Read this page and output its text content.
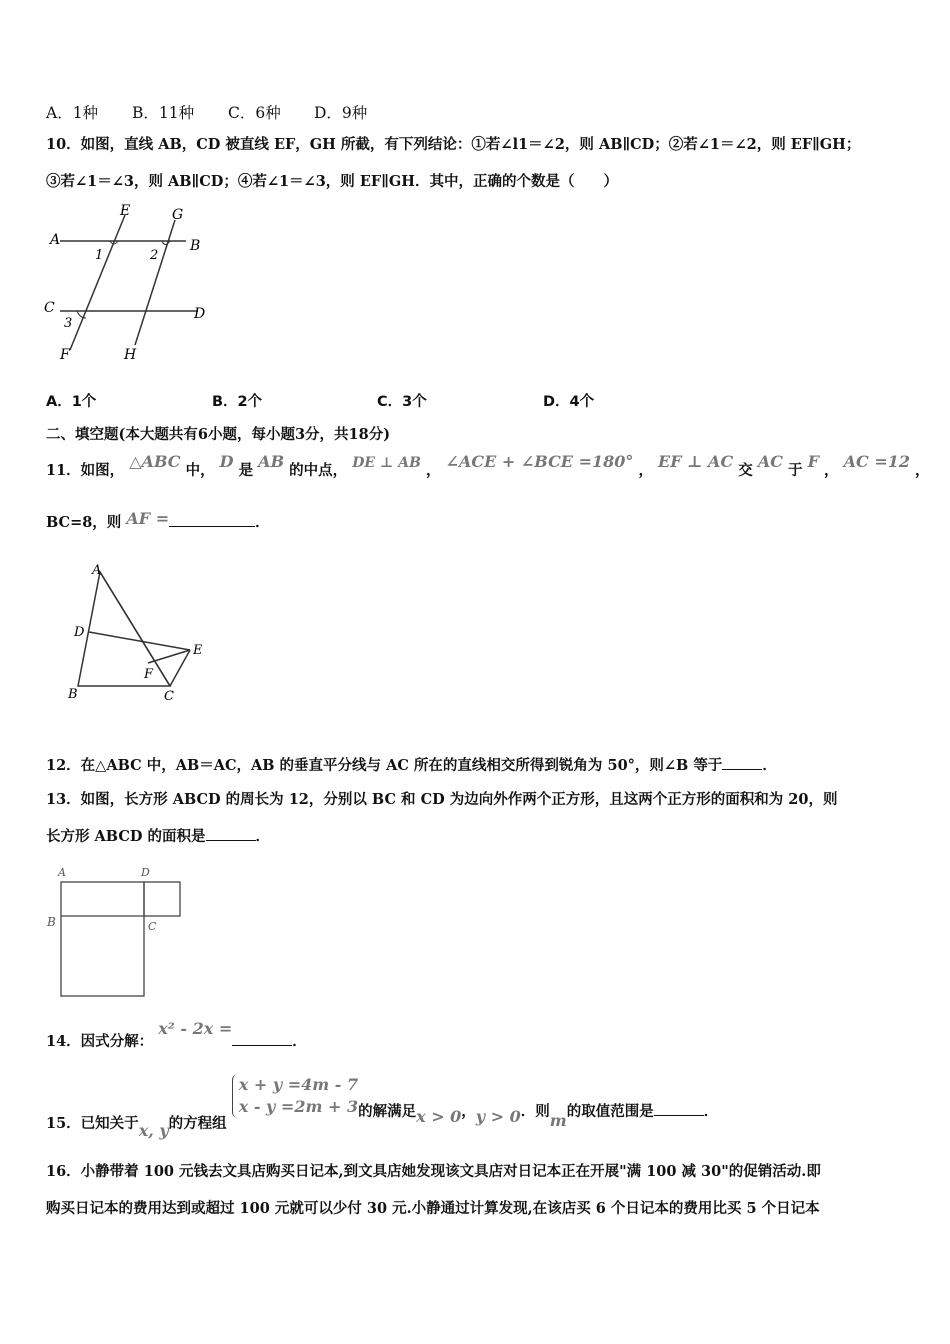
A．1种 B．11种 C．6种 D．9种
10．如图，直线 AB，CD 被直线 EF，GH 所截，有下列结论：①若∠l1＝∠2，则 AB∥CD；②若∠1＝∠2，则 EF∥GH；
③若∠1＝∠3，则 AB∥CD；④若∠1＝∠3，则 EF∥GH．其中，正确的个数是（　　）
E	G
A	B
1	2
C	D
3
F	H
A．1个	B．2个	C．3个	D．4个
二、填空题(本大题共有6小题，每小题3分，共18分)
11．如图， △ABC 中， D 是 AB 的中点， DE ⊥ AB ， ∠ACE + ∠BCE =180° ， EF ⊥ AC 交 AC 于 F ， AC =12 ，
BC=8，则 AF =	．
A
D
E
F
B	C
12．在△ABC 中，AB＝AC，AB 的垂直平分线与 AC 所在的直线相交所得到锐角为 50°，则∠B 等于	．
13．如图，长方形 ABCD 的周长为 12，分别以 BC 和 CD 为边向外作两个正方形，且这两个正方形的面积和为 20，则
长方形 ABCD 的面积是	．
A	D
B	C
14．因式分解： x² - 2x =．
15．已知关于x, y的方程组
x + y =4m - 7
x - y =2m + 3 的解满足x > 0，y > 0．则m的取值范围是	．
16．小静带着 100 元钱去文具店购买日记本,到文具店她发现该文具店对日记本正在开展"满 100 减 30"的促销活动.即
购买日记本的费用达到或超过 100 元就可以少付 30 元.小静通过计算发现,在该店买 6 个日记本的费用比买 5 个日记本
